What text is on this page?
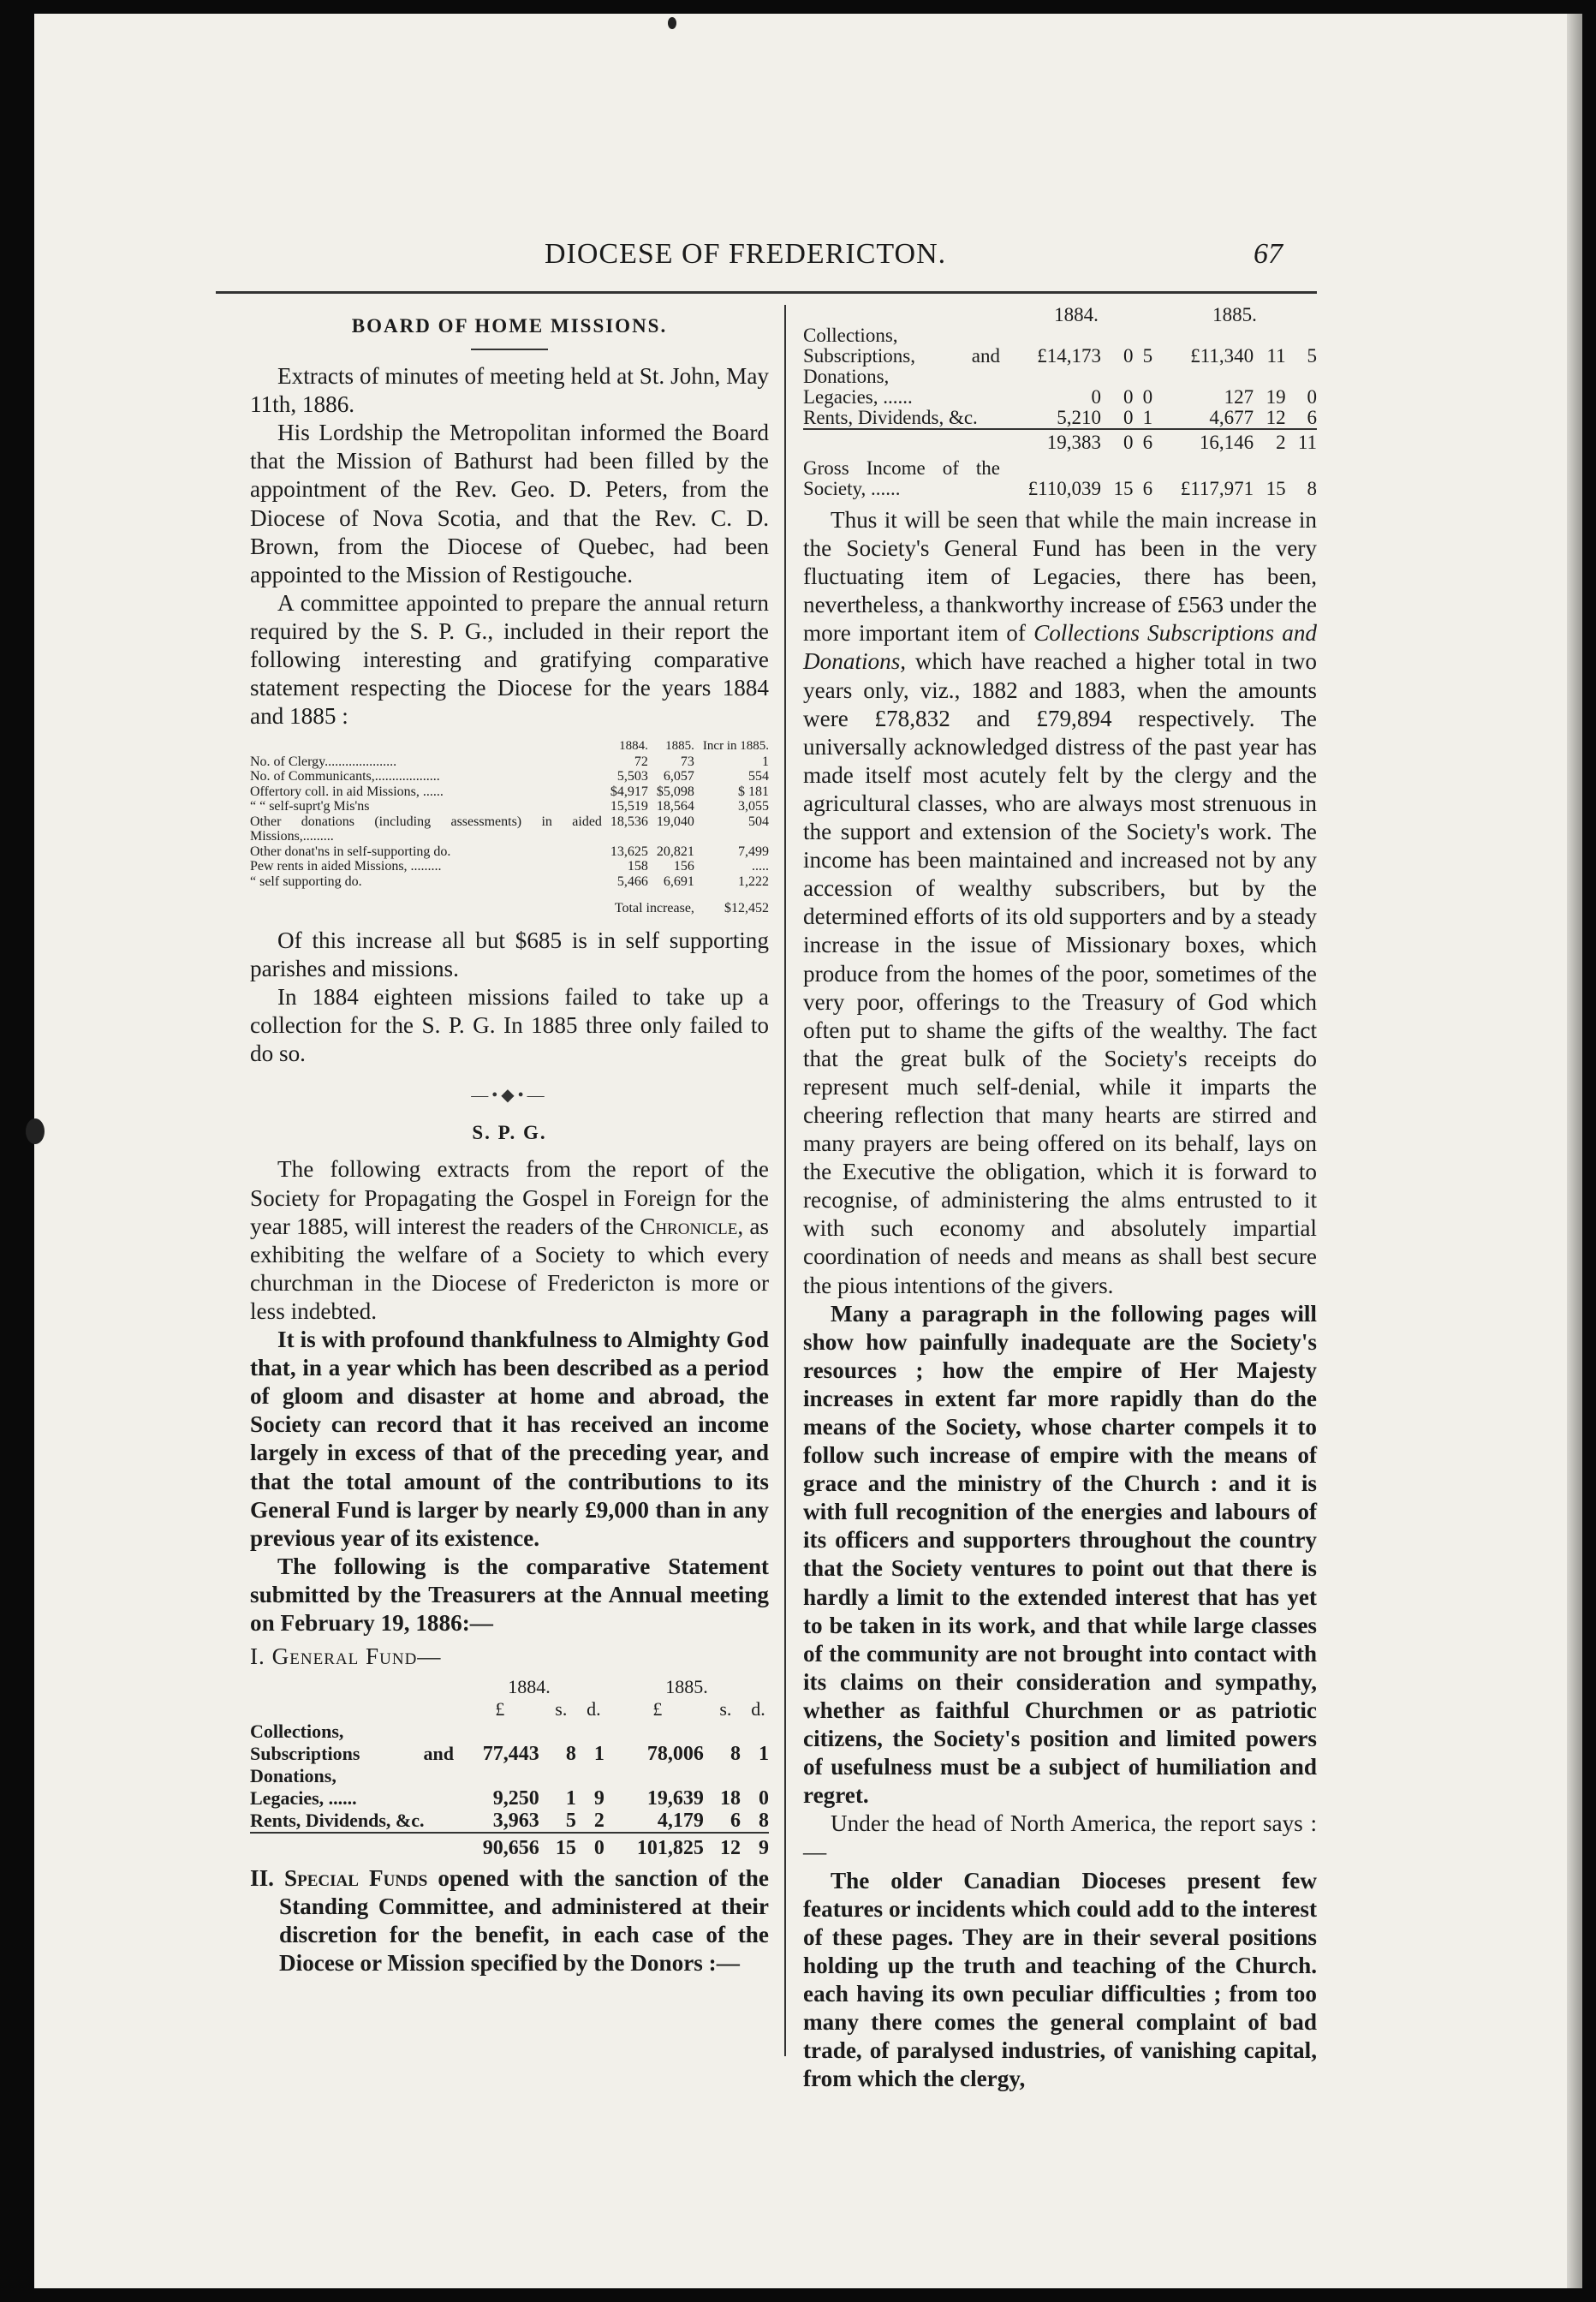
DIOCESE OF FREDERICTON.	67
BOARD OF HOME MISSIONS.

Extracts of minutes of meeting held at St. John, May 11th, 1886.

His Lordship the Metropolitan informed the Board that the Mission of Bathurst had been filled by the appointment of the Rev. Geo. D. Peters, from the Diocese of Nova Scotia, and that the Rev. C. D. Brown, from the Diocese of Quebec, had been appointed to the Mission of Restigouche.

A committee appointed to prepare the annual return required by the S. P. G., included in their report the following interesting and gratifying comparative statement respecting the Diocese for the years 1884 and 1885 :

	1884.	1885.	Incr in 1885.
No. of Clergy.....................	72	73	1
No. of Communicants,...................	5,503	6,057	554
Offertory coll. in aid Missions, ......	$4,917	$5,098	$ 181
“ “ self-suprt'g Mis'ns	15,519	18,564	3,055
Other donations (including assessments) in aided Missions,.........	18,536	19,040	504
Other donat'ns in self-supporting do.	13,625	20,821	7,499
Pew rents in aided Missions, .........	158	156	.....
“ self supporting do.	5,466	6,691	1,222
	Total increase,		$12,452

Of this increase all but $685 is in self supporting parishes and missions.

In 1884 eighteen missions failed to take up a collection for the S. P. G. In 1885 three only failed to do so.

—•◆•—
S. P. G.

The following extracts from the report of the Society for Propagating the Gospel in Foreign for the year 1885, will interest the readers of the Chronicle, as exhibiting the welfare of a Society to which every churchman in the Diocese of Fredericton is more or less indebted.

It is with profound thankfulness to Almighty God that, in a year which has been described as a period of gloom and disaster at home and abroad, the Society can record that it has received an income largely in excess of that of the preceding year, and that the total amount of the contributions to its General Fund is larger by nearly £9,000 than in any previous year of its existence.

The following is the comparative Statement submitted by the Treasurers at the Annual meeting on February 19, 1886:—

I. General Fund—
	1884.			1885.		
	£	s.	d.	£	s.	d.
Collections, Subscriptions and Donations,	77,443	8	1	78,006	8	1
Legacies, ......	9,250	1	9	19,639	18	0
Rents, Dividends, &c.	3,963	5	2	4,179	6	8
	90,656	15	0	101,825	12	9

II. Special Funds opened with the sanction of the Standing Committee, and administered at their discretion for the benefit, in each case of the Diocese or Mission specified by the Donors :—

	1884.			1885.		
Collections, Subscriptions, and Donations,	£14,173	0	5	£11,340	11	5
Legacies, ......	0	0	0	127	19	0
Rents, Dividends, &c.	5,210	0	1	4,677	12	6
	19,383	0	6	16,146	2	11
Gross Income of the Society, ......	£110,039	15	6	£117,971	15	8

Thus it will be seen that while the main increase in the Society's General Fund has been in the very fluctuating item of Legacies, there has been, nevertheless, a thankworthy increase of £563 under the more important item of Collections Subscriptions and Donations, which have reached a higher total in two years only, viz., 1882 and 1883, when the amounts were £78,832 and £79,894 respectively. The universally acknowledged distress of the past year has made itself most acutely felt by the clergy and the agricultural classes, who are always most strenuous in the support and extension of the Society's work. The income has been maintained and increased not by any accession of wealthy subscribers, but by the determined efforts of its old supporters and by a steady increase in the issue of Missionary boxes, which produce from the homes of the poor, sometimes of the very poor, offerings to the Treasury of God which often put to shame the gifts of the wealthy. The fact that the great bulk of the Society's receipts do represent much self-denial, while it imparts the cheering reflection that many hearts are stirred and many prayers are being offered on its behalf, lays on the Executive the obligation, which it is forward to recognise, of administering the alms entrusted to it with such economy and absolutely impartial coordination of needs and means as shall best secure the pious intentions of the givers.

Many a paragraph in the following pages will show how painfully inadequate are the Society's resources ; how the empire of Her Majesty increases in extent far more rapidly than do the means of the Society, whose charter compels it to follow such increase of empire with the means of grace and the ministry of the Church : and it is with full recognition of the energies and labours of its officers and supporters throughout the country that the Society ventures to point out that there is hardly a limit to the extended interest that has yet to be taken in its work, and that while large classes of the community are not brought into contact with its claims on their consideration and sympathy, whether as faithful Churchmen or as patriotic citizens, the Society's position and limited powers of usefulness must be a subject of humiliation and regret.

Under the head of North America, the report says :—

The older Canadian Dioceses present few features or incidents which could add to the interest of these pages. They are in their several positions holding up the truth and teaching of the Church. each having its own peculiar difficulties ; from too many there comes the general complaint of bad trade, of paralysed industries, of vanishing capital, from which the clergy,
